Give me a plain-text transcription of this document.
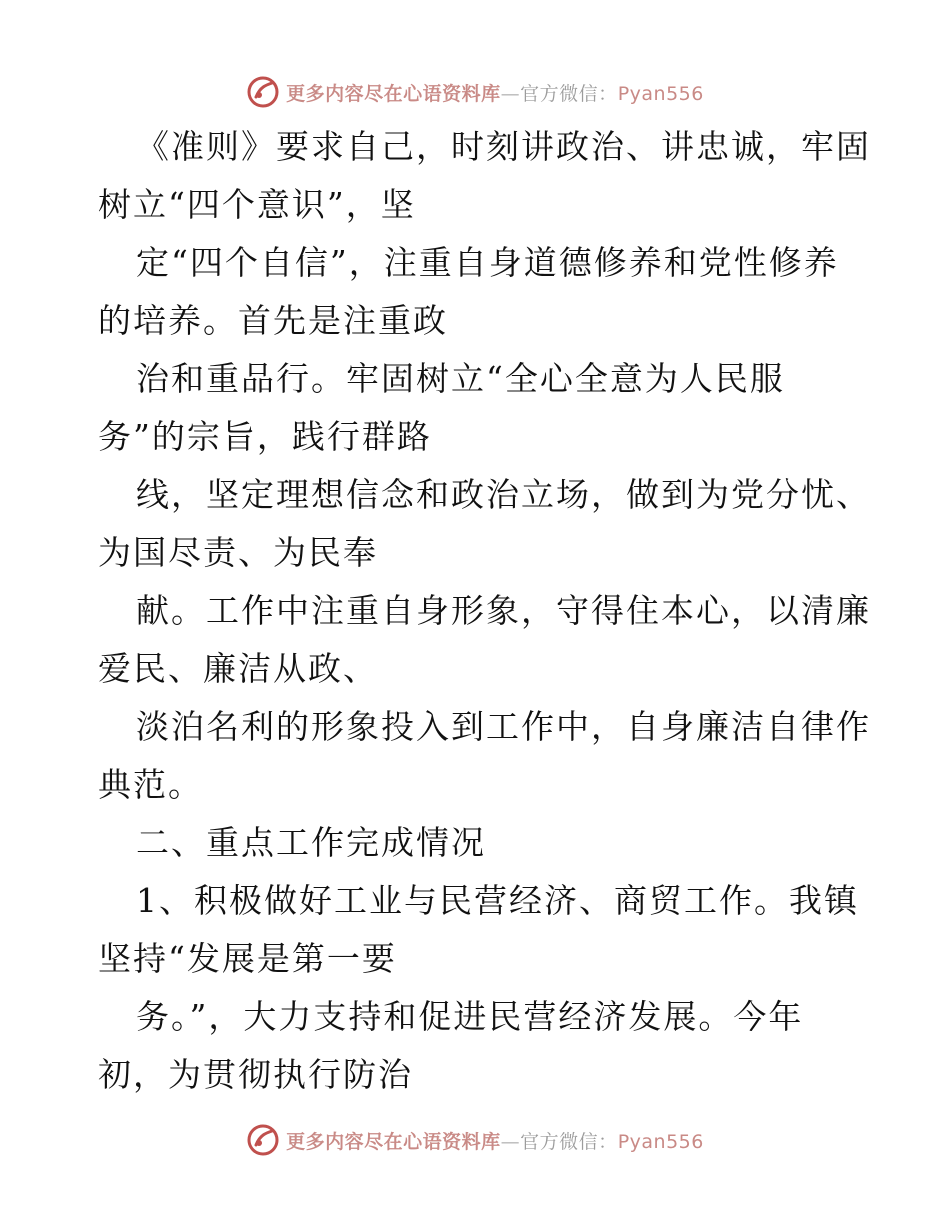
更多内容尽在心语资料库—官方微信：Pyan556
《准则》要求自己，时刻讲政治、讲忠诚，牢固
树立“四个意识”，坚
定“四个自信”，注重自身道德修养和党性修养
的培养。首先是注重政
治和重品行。牢固树立“全心全意为人民服
务”的宗旨，践行群路
线，坚定理想信念和政治立场，做到为党分忧、
为国尽责、为民奉
献。工作中注重自身形象，守得住本心，以清廉
爱民、廉洁从政、
淡泊名利的形象投入到工作中，自身廉洁自律作
典范。
二、重点工作完成情况
1、积极做好工业与民营经济、商贸工作。我镇
坚持“发展是第一要
务。”，大力支持和促进民营经济发展。今年
初，为贯彻执行防治
更多内容尽在心语资料库—官方微信：Pyan556
